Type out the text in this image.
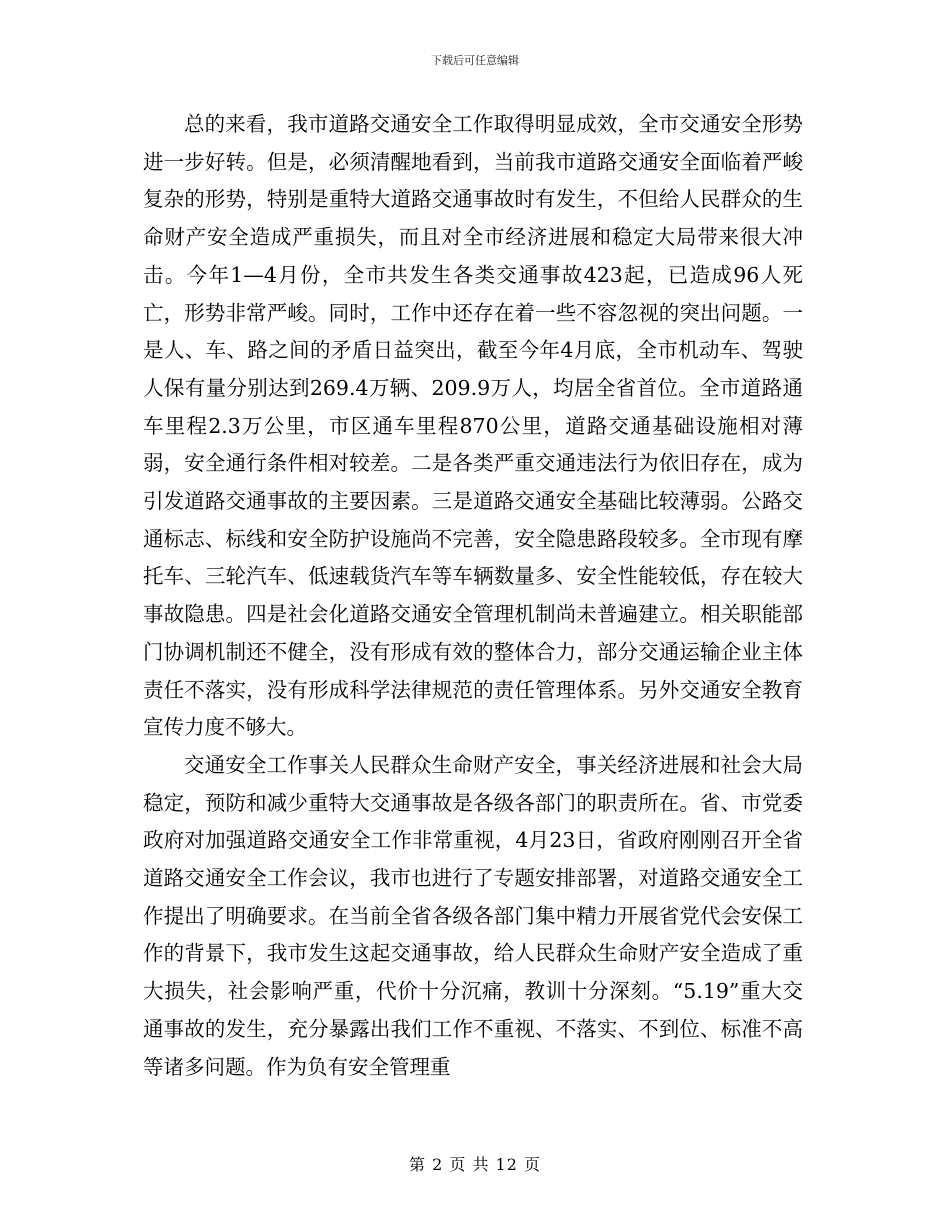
下载后可任意编辑

总的来看，我市道路交通安全工作取得明显成效，全市交通安全形势进一步好转。但是，必须清醒地看到，当前我市道路交通安全面临着严峻复杂的形势，特别是重特大道路交通事故时有发生，不但给人民群众的生命财产安全造成严重损失，而且对全市经济进展和稳定大局带来很大冲击。今年1—4月份，全市共发生各类交通事故423起，已造成96人死亡，形势非常严峻。同时，工作中还存在着一些不容忽视的突出问题。一是人、车、路之间的矛盾日益突出，截至今年4月底，全市机动车、驾驶人保有量分别达到269.4万辆、209.9万人，均居全省首位。全市道路通车里程2.3万公里，市区通车里程870公里，道路交通基础设施相对薄弱，安全通行条件相对较差。二是各类严重交通违法行为依旧存在，成为引发道路交通事故的主要因素。三是道路交通安全基础比较薄弱。公路交通标志、标线和安全防护设施尚不完善，安全隐患路段较多。全市现有摩托车、三轮汽车、低速载货汽车等车辆数量多、安全性能较低，存在较大事故隐患。四是社会化道路交通安全管理机制尚未普遍建立。相关职能部门协调机制还不健全，没有形成有效的整体合力，部分交通运输企业主体责任不落实，没有形成科学法律规范的责任管理体系。另外交通安全教育宣传力度不够大。

交通安全工作事关人民群众生命财产安全，事关经济进展和社会大局稳定，预防和减少重特大交通事故是各级各部门的职责所在。省、市党委政府对加强道路交通安全工作非常重视，4月23日，省政府刚刚召开全省道路交通安全工作会议，我市也进行了专题安排部署，对道路交通安全工作提出了明确要求。在当前全省各级各部门集中精力开展省党代会安保工作的背景下，我市发生这起交通事故，给人民群众生命财产安全造成了重大损失，社会影响严重，代价十分沉痛，教训十分深刻。“5.19”重大交通事故的发生，充分暴露出我们工作不重视、不落实、不到位、标准不高等诸多问题。作为负有安全管理重

第 2 页 共 12 页
